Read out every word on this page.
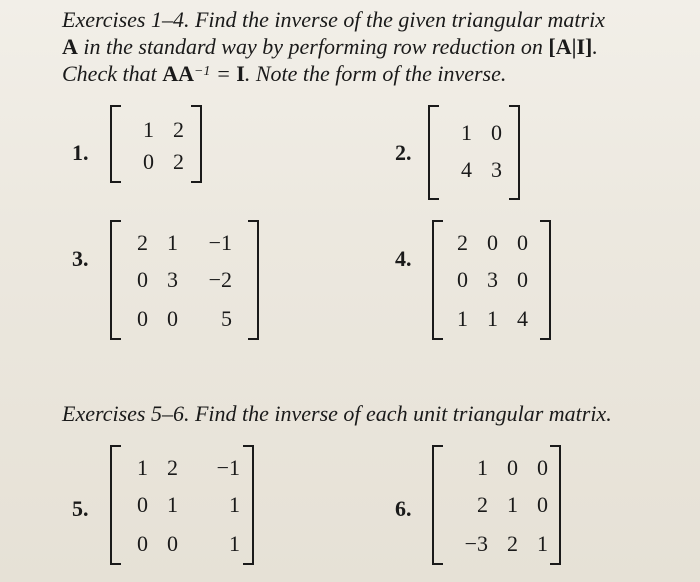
Exercises 1–4. Find the inverse of the given triangular matrix
A in the standard way by performing row reduction on [A|I].
Check that $AA^{-1} = I$. Note the form of the inverse.
Exercises 5–6. Find the inverse of each unit triangular matrix.
1.
1 2
0 2	2.
1 0
4 3
3.
2 1 −1
0 3 −2
0 0	5
4.
2 0 0
0 3 0
1 1 4
5.
1 2 −1
0 1	1
0 0	1
6.
1 0 0
2 1 0
−3 2 1
